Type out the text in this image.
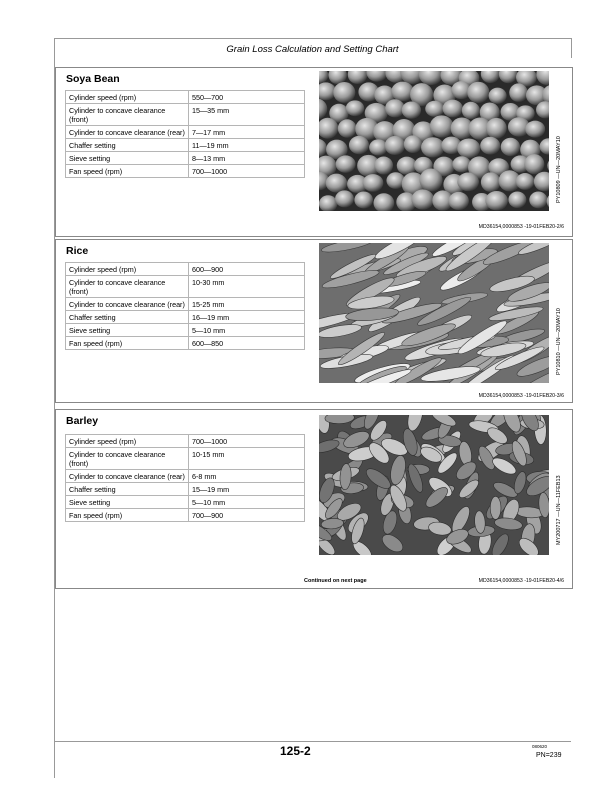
Grain Loss Calculation and Setting Chart
Soya Bean
Cylinder speed (rpm)	550—700
Cylinder to concave clearance (front)	15—35 mm
Cylinder to concave clearance (rear)	7—17 mm
Chaffer setting	11—19 mm
Sieve setting	8—13 mm
Fan speed (rpm)	700—1000	PY10809 —UN—20MAY10
MD36154,0000853 -19-01FEB20-2/6
Rice
Cylinder speed (rpm)	600—900
Cylinder to concave clearance (front)	10-30 mm
Cylinder to concave clearance (rear)	15-25 mm
Chaffer setting	16—19 mm
Sieve setting	5—10 mm
Fan speed (rpm)	600—850	PY10810 —UN—20MAY10
MD36154,0000853 -19-01FEB20-3/6
Barley
Cylinder speed (rpm)	700—1000
Cylinder to concave clearance (front)	10-15 mm
Cylinder to concave clearance (rear)	6-8 mm
Chaffer setting	15—19 mm
Sieve setting	5—10 mm
Fan speed (rpm)	700—900	MY200717 —UN—11FEB13
Continued on next page	MD36154,0000853 -19-01FEB20-4/6
125-2	080620
PN=239
